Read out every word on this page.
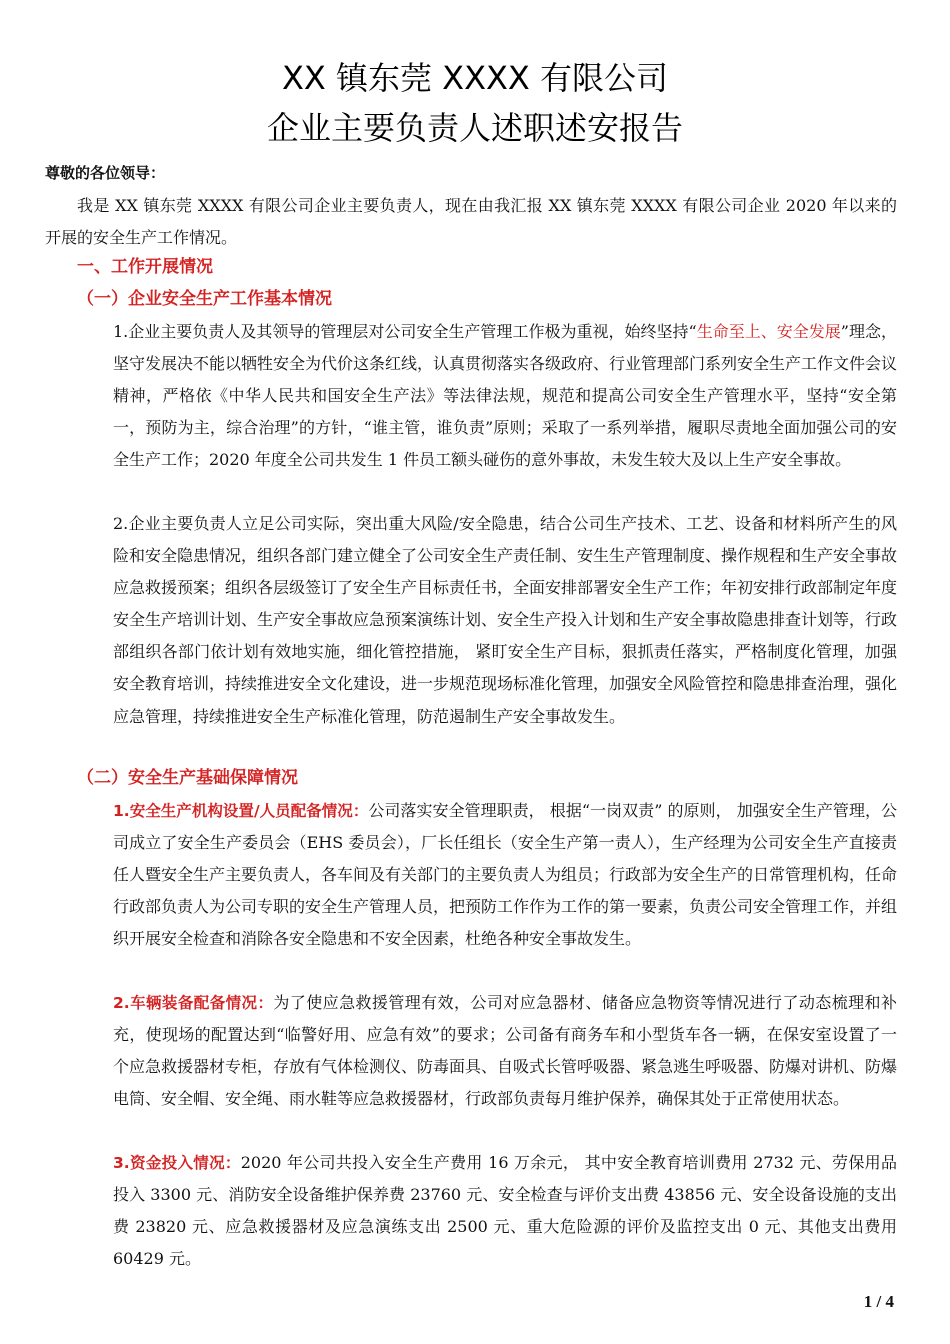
XX 镇东莞 XXXX 有限公司
企业主要负责人述职述安报告
尊敬的各位领导：

我是 XX 镇东莞 XXXX 有限公司企业主要负责人，现在由我汇报 XX 镇东莞 XXXX 有限公司企业 2020 年以来的开展的安全生产工作情况。

一、工作开展情况
（一）企业安全生产工作基本情况

1.企业主要负责人及其领导的管理层对公司安全生产管理工作极为重视，始终坚持“生命至上、安全发展”理念，坚守发展决不能以牺牲安全为代价这条红线，认真贯彻落实各级政府、行业管理部门系列安全生产工作文件会议精神，严格依《中华人民共和国安全生产法》等法律法规，规范和提高公司安全生产管理水平，坚持“安全第一，预防为主，综合治理”的方针，“谁主管，谁负责”原则；采取了一系列举措，履职尽责地全面加强公司的安全生产工作；2020 年度全公司共发生 1 件员工额头碰伤的意外事故，未发生较大及以上生产安全事故。

2.企业主要负责人立足公司实际，突出重大风险/安全隐患，结合公司生产技术、工艺、设备和材料所产生的风险和安全隐患情况，组织各部门建立健全了公司安全生产责任制、安生生产管理制度、操作规程和生产安全事故应急救援预案；组织各层级签订了安全生产目标责任书，全面安排部署安全生产工作；年初安排行政部制定年度安全生产培训计划、生产安全事故应急预案演练计划、安全生产投入计划和生产安全事故隐患排查计划等，行政部组织各部门依计划有效地实施，细化管控措施， 紧盯安全生产目标，狠抓责任落实，严格制度化管理，加强安全教育培训，持续推进安全文化建设，进一步规范现场标准化管理，加强安全风险管控和隐患排查治理，强化应急管理，持续推进安全生产标准化管理，防范遏制生产安全事故发生。

（二）安全生产基础保障情况

1.安全生产机构设置/人员配备情况：公司落实安全管理职责， 根据“一岗双责” 的原则， 加强安全生产管理，公司成立了安全生产委员会（EHS 委员会），厂长任组长（安全生产第一责人），生产经理为公司安全生产直接责任人暨安全生产主要负责人，各车间及有关部门的主要负责人为组员；行政部为安全生产的日常管理机构，任命行政部负责人为公司专职的安全生产管理人员，把预防工作作为工作的第一要素，负责公司安全管理工作，并组织开展安全检查和消除各安全隐患和不安全因素，杜绝各种安全事故发生。

2.车辆装备配备情况：为了使应急救援管理有效，公司对应急器材、储备应急物资等情况进行了动态梳理和补充，使现场的配置达到“临警好用、应急有效”的要求；公司备有商务车和小型货车各一辆，在保安室设置了一个应急救援器材专柜，存放有气体检测仪、防毒面具、自吸式长管呼吸器、紧急逃生呼吸器、防爆对讲机、防爆电筒、安全帽、安全绳、雨水鞋等应急救援器材，行政部负责每月维护保养，确保其处于正常使用状态。

3.资金投入情况：2020 年公司共投入安全生产费用 16 万余元， 其中安全教育培训费用 2732 元、劳保用品投入 3300 元、消防安全设备维护保养费 23760 元、安全检查与评价支出费 43856 元、安全设备设施的支出费 23820 元、应急救援器材及应急演练支出 2500 元、重大危险源的评价及监控支出 0 元、其他支出费用 60429 元。

1 / 4
